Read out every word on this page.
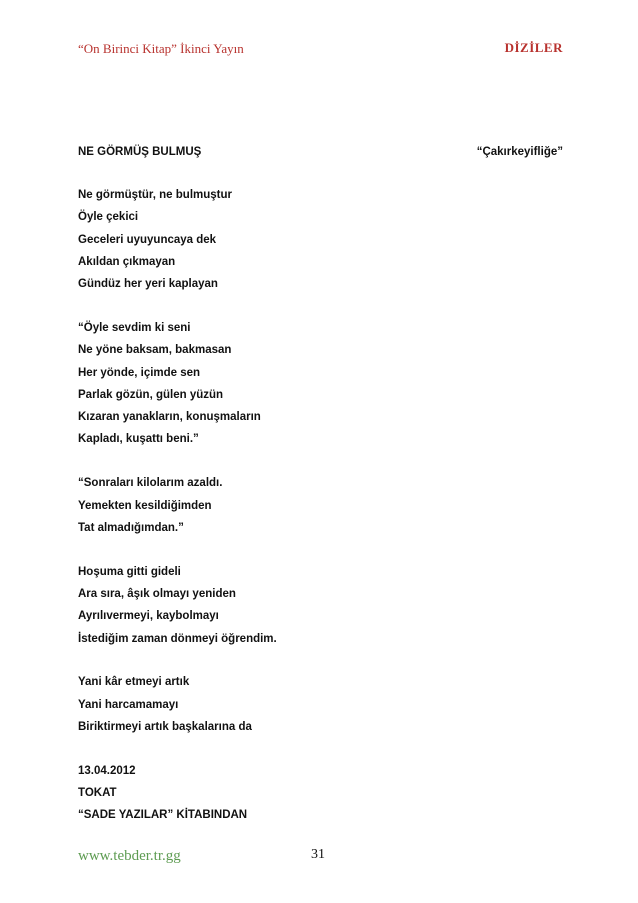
“On Birinci Kitap” İkinci Yayın	DİZİLER
NE GÖRMÜŞ BULMUŞ	“Çakırkeyifliğe”
Ne görmüştür, ne bulmuştur
Öyle çekici
Geceleri uyuyuncaya dek
Akıldan çıkmayan
Gündüz her yeri kaplayan
“Öyle sevdim ki seni
Ne yöne baksam, bakmasan
Her yönde, içimde sen
Parlak gözün, gülen yüzün
Kızaran yanakların, konuşmaların
Kapladı, kuşattı beni.”
“Sonraları kilolarım azaldı.
Yemekten kesildiğimden
Tat almadığımdan.”
Hoşuma gitti gideli
Ara sıra, âşık olmayı yeniden
Ayrılıvermeyi, kaybolmayı
İstediğim zaman dönmeyi öğrendim.
Yani kâr etmeyi artık
Yani harcamamayı
Biriktirmeyi artık başkalarına da
13.04.2012
TOKAT
“SADE YAZILAR” KİTABINDAN
www.tebder.tr.gg	31
